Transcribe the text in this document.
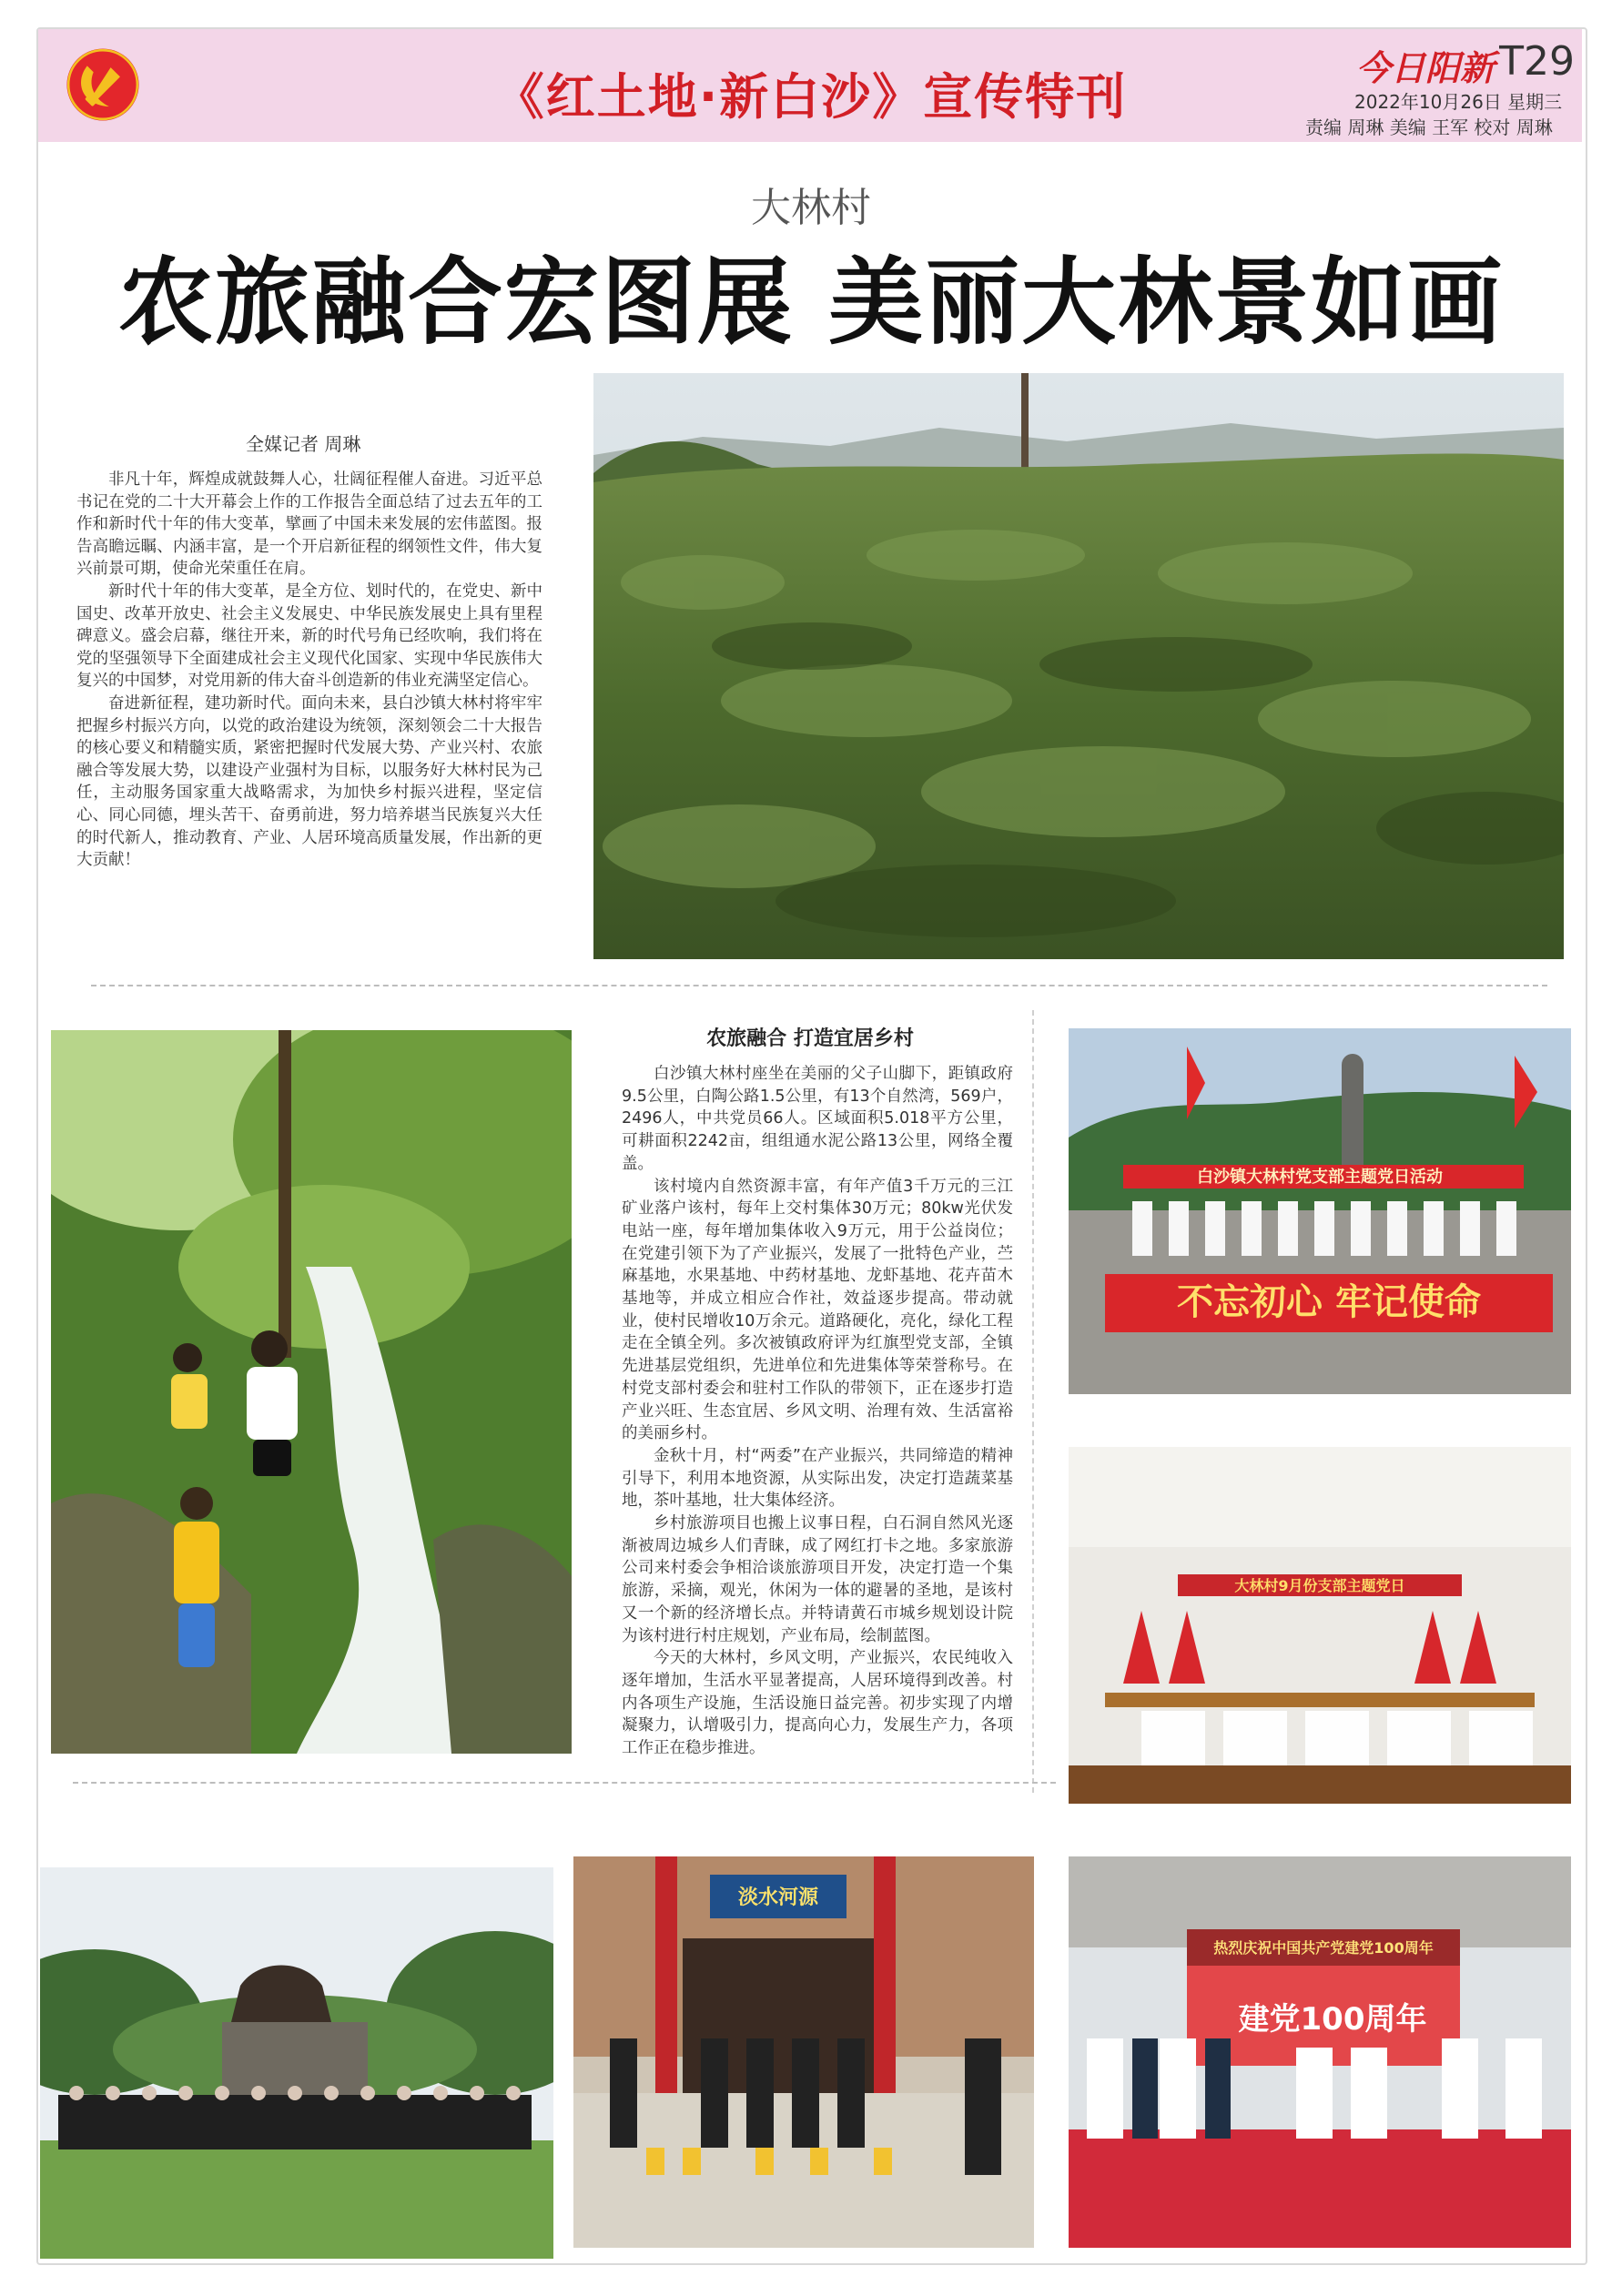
《红土地·新白沙》宣传特刊
今日阳新 T29
2022年10月26日 星期三
责编 周琳 美编 王军 校对 周琳
大林村
农旅融合宏图展 美丽大林景如画
全媒记者 周琳

非凡十年，辉煌成就鼓舞人心，壮阔征程催人奋进。习近平总书记在党的二十大开幕会上作的工作报告全面总结了过去五年的工作和新时代十年的伟大变革，擘画了中国未来发展的宏伟蓝图。报告高瞻远瞩、内涵丰富，是一个开启新征程的纲领性文件，伟大复兴前景可期，使命光荣重任在肩。

新时代十年的伟大变革，是全方位、划时代的，在党史、新中国史、改革开放史、社会主义发展史、中华民族发展史上具有里程碑意义。盛会启幕，继往开来，新的时代号角已经吹响，我们将在党的坚强领导下全面建成社会主义现代化国家、实现中华民族伟大复兴的中国梦，对党用新的伟大奋斗创造新的伟业充满坚定信心。

奋进新征程，建功新时代。面向未来，县白沙镇大林村将牢牢把握乡村振兴方向，以党的政治建设为统领，深刻领会二十大报告的核心要义和精髓实质，紧密把握时代发展大势、产业兴村、农旅融合等发展大势，以建设产业强村为目标，以服务好大林村民为己任，主动服务国家重大战略需求，为加快乡村振兴进程，坚定信心、同心同德，埋头苦干、奋勇前进，努力培养堪当民族复兴大任的时代新人，推动教育、产业、人居环境高质量发展，作出新的更大贡献！

农旅融合 打造宜居乡村

白沙镇大林村座坐在美丽的父子山脚下，距镇政府9.5公里，白陶公路1.5公里，有13个自然湾，569户，2496人，中共党员66人。区域面积5.018平方公里，可耕面积2242亩，组组通水泥公路13公里，网络全覆盖。

该村境内自然资源丰富，有年产值3千万元的三江矿业落户该村，每年上交村集体30万元；80kw光伏发电站一座，每年增加集体收入9万元，用于公益岗位；在党建引领下为了产业振兴，发展了一批特色产业，苎麻基地，水果基地、中药材基地、龙虾基地、花卉苗木基地等，并成立相应合作社，效益逐步提高。带动就业，使村民增收10万余元。道路硬化，亮化，绿化工程走在全镇全列。多次被镇政府评为红旗型党支部，全镇先进基层党组织，先进单位和先进集体等荣誉称号。在村党支部村委会和驻村工作队的带领下，正在逐步打造产业兴旺、生态宜居、乡风文明、治理有效、生活富裕的美丽乡村。

金秋十月，村“两委”在产业振兴，共同缔造的精神引导下，利用本地资源，从实际出发，决定打造蔬菜基地，茶叶基地，壮大集体经济。

乡村旅游项目也搬上议事日程，白石洞自然风光逐渐被周边城乡人们青睐，成了网红打卡之地。多家旅游公司来村委会争相洽谈旅游项目开发，决定打造一个集旅游，采摘，观光，休闲为一体的避暑的圣地，是该村又一个新的经济增长点。并特请黄石市城乡规划设计院为该村进行村庄规划，产业布局，绘制蓝图。

今天的大林村，乡风文明，产业振兴，农民纯收入逐年增加，生活水平显著提高，人居环境得到改善。村内各项生产设施，生活设施日益完善。初步实现了内增凝聚力，认增吸引力，提高向心力，发展生产力，各项工作正在稳步推进。

白沙镇大林村党支部主题党日活动
不忘初心 牢记使命
大林村9月份支部主题党日
淡水河源
热烈庆祝中国共产党建党100周年
建党100周年
